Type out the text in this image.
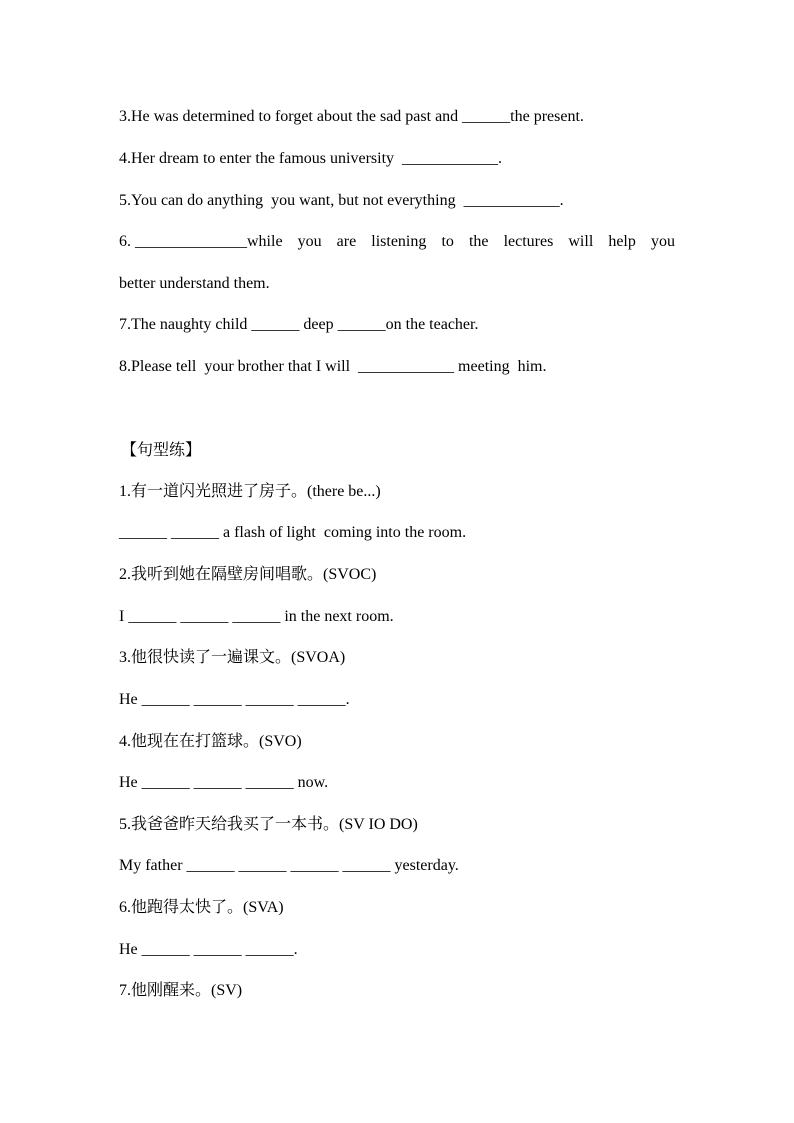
3.He was determined to forget about the sad past and ______the present.
4.Her dream to enter the famous university  ____________.
5.You can do anything  you want, but not everything  ____________.
6. ______________while you are listening to the lectures will help you
better understand them.
7.The naughty child ______ deep ______on the teacher.
8.Please tell  your brother that I will  ____________ meeting  him.
【句型练】
1.有一道闪光照进了房子。(there be...)
______ ______ a flash of light  coming into the room.
2.我听到她在隔壁房间唱歌。(SVOC)
I ______ ______ ______ in the next room.
3.他很快读了一遍课文。(SVOA)
He ______ ______ ______ ______.
4.他现在在打篮球。(SVO)
He ______ ______ ______ now.
5.我爸爸昨天给我买了一本书。(SV IO DO)
My father ______ ______ ______ ______ yesterday.
6.他跑得太快了。(SVA)
He ______ ______ ______.
7.他刚醒来。(SV)
